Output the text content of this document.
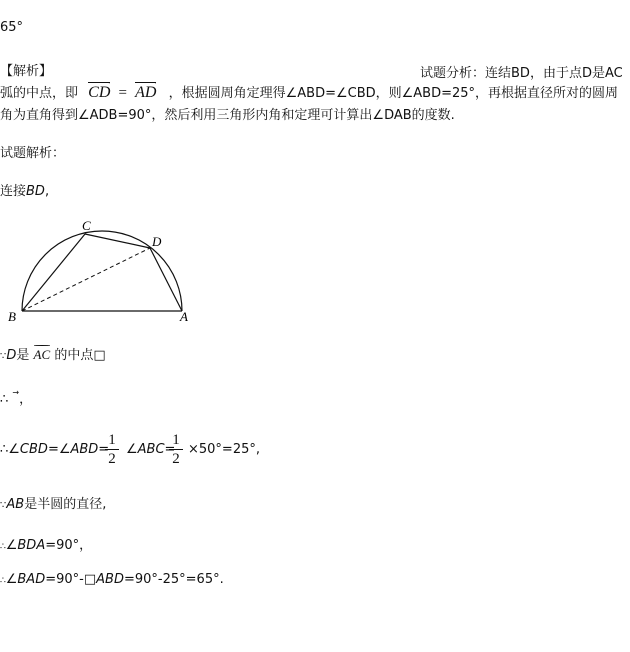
65°
【解析】	试题分析：连结BD，由于点D是AC
弧的中点，即
→
CD =
→
AD ，根据圆周角定理得∠ABD=∠CBD，则∠ABD=25°，再根据直径所对的圆周
角为直角得到∠ADB=90°，然后利用三角形内角和定理可计算出∠DAB的度数.
试题解析：
连接BD,
C
D
B	A
∵D是 AC 的中点□
∴ →，
∴∠CBD=∠ABD=
1
2
∠ABC=
1
2
×50°=25°,
∵AB是半圆的直径,
∴∠BDA=90°，
∴∠BAD=90°-□ABD=90°-25°=65°.
